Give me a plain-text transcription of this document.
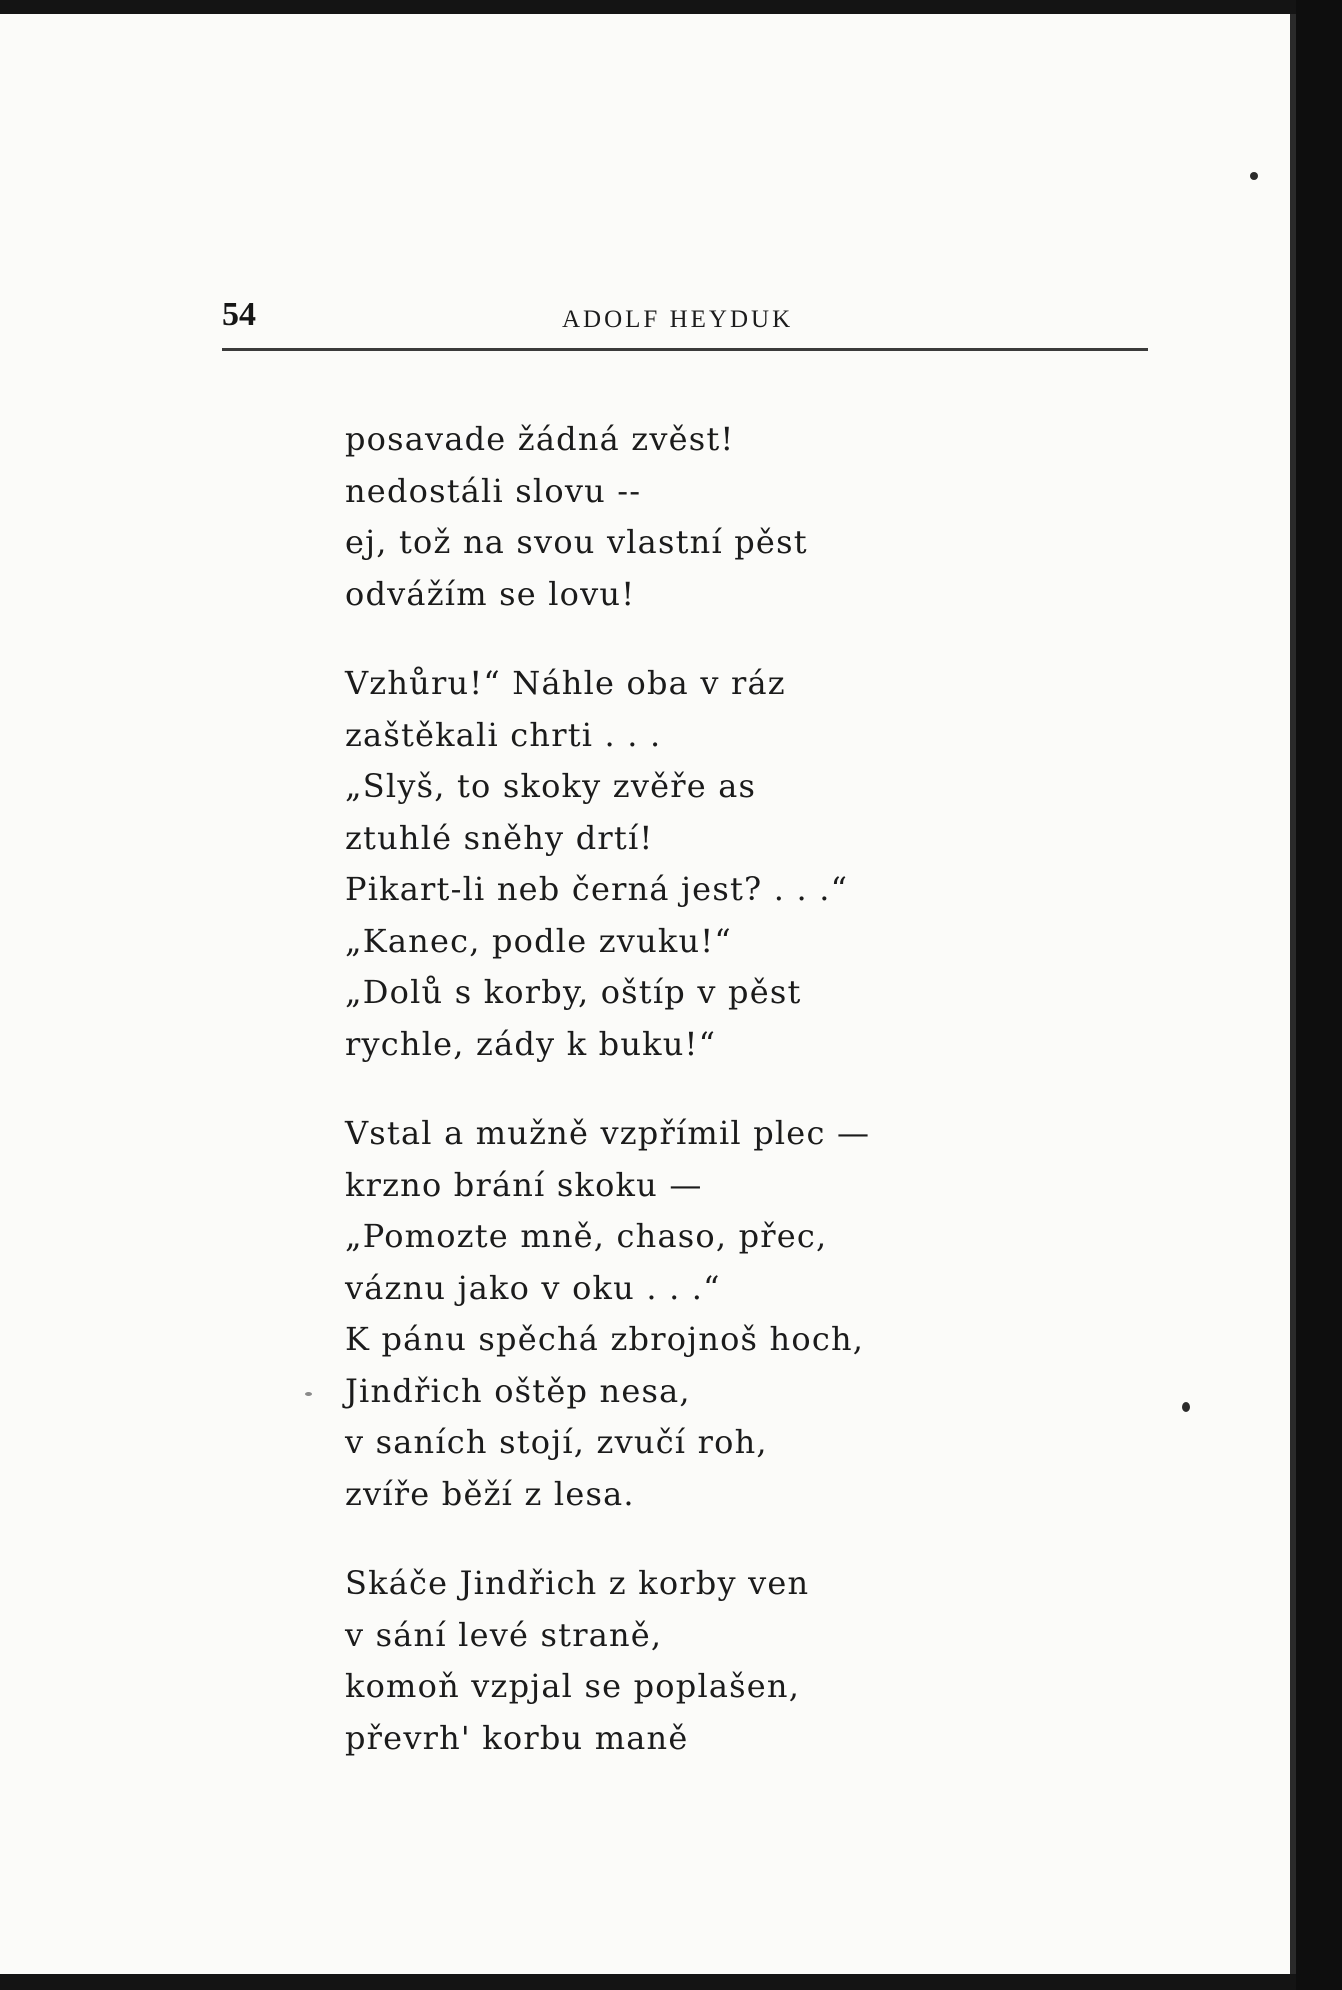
54	ADOLF HEYDUK
posavade žádná zvěst!
nedostáli slovu --
ej, tož na svou vlastní pěst
odvážím se lovu!
Vzhůru!“ Náhle oba v ráz
zaštěkali chrti . . .
„Slyš, to skoky zvěře as
ztuhlé sněhy drtí!
Pikart-li neb černá jest? . . .“
„Kanec, podle zvuku!“
„Dolů s korby, oštíp v pěst
rychle, zády k buku!“
Vstal a mužně vzpřímil plec —
krzno brání skoku —
„Pomozte mně, chaso, přec,
váznu jako v oku . . .“
K pánu spěchá zbrojnoš hoch,
Jindřich oštěp nesa,
v saních stojí, zvučí roh,
zvíře běží z lesa.
Skáče Jindřich z korby ven
v sání levé straně,
komoň vzpjal se poplašen,
převrh' korbu maně
